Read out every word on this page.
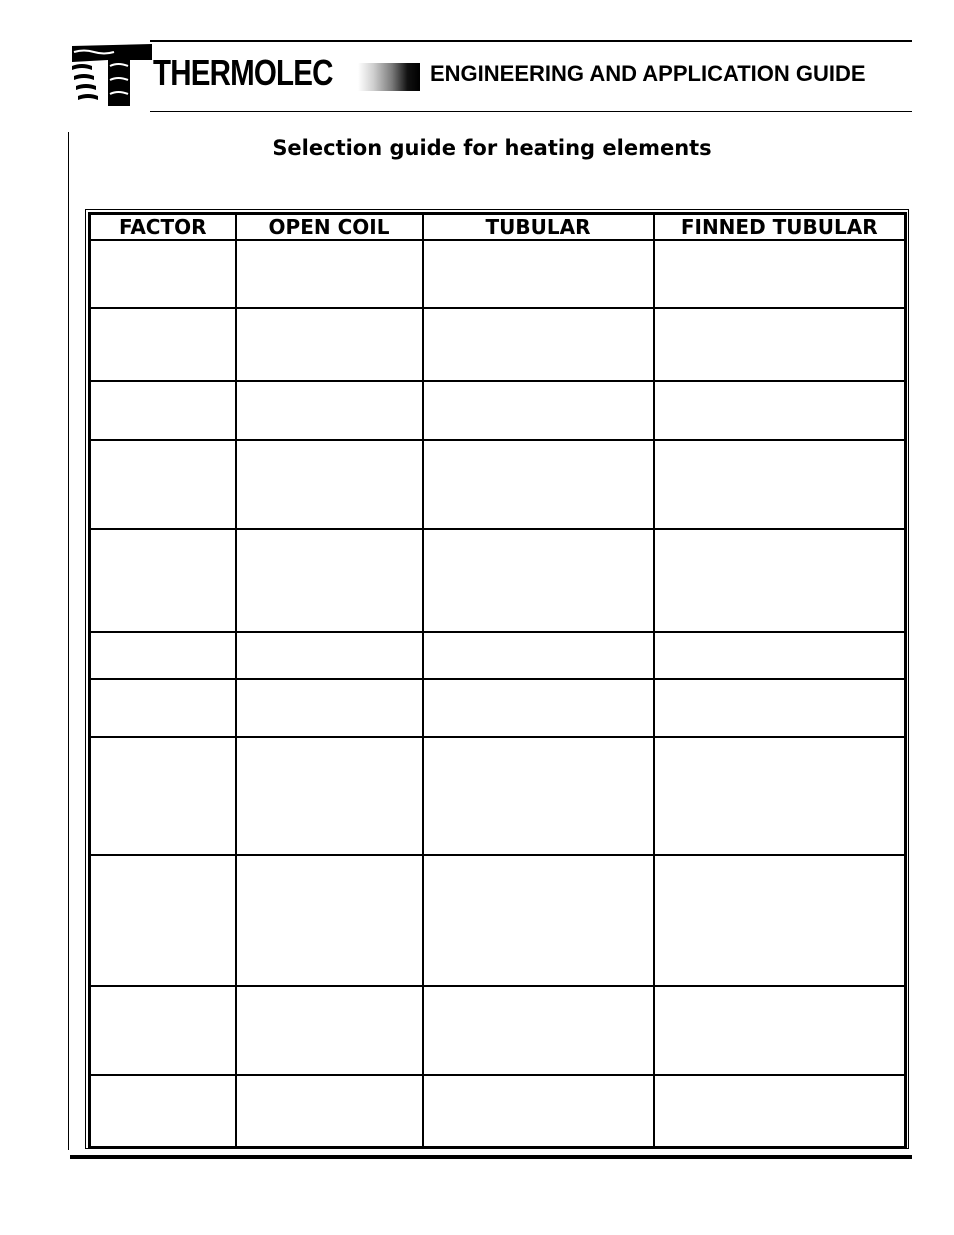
THERMOLEC	ENGINEERING AND APPLICATION GUIDE
Selection guide for heating elements
FACTOR	OPEN COIL	TUBULAR	FINNED TUBULAR
